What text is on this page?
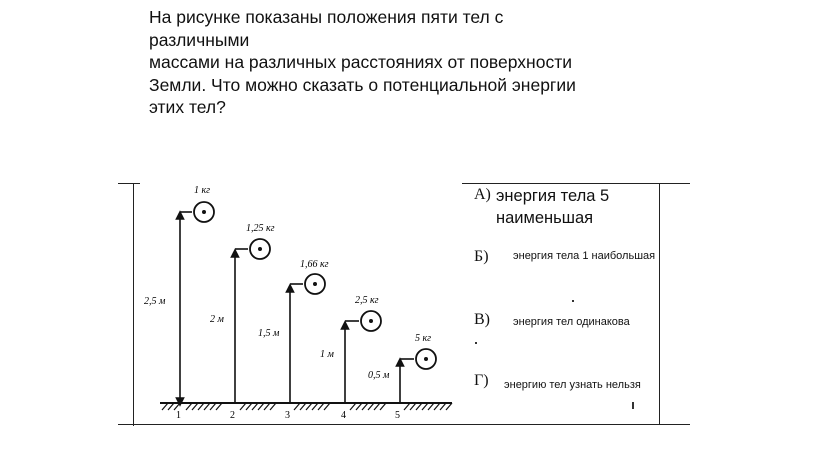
На рисунке показаны положения пяти тел с
различными
массами на различных расстояниях от поверхности
Земли. Что можно сказать о потенциальной энергии
этих тел?
1 кг
2,5 м
1
1,25 кг
2 м
2
1,66 кг
1,5 м
3
2,5 кг
1 м
4
5 кг
0,5 м
5
А) энергия тела 5 наименьшая
Б) энергия тела 1 наибольшая
В) энергия тел одинакова
Г) энергию тел узнать нельзя
